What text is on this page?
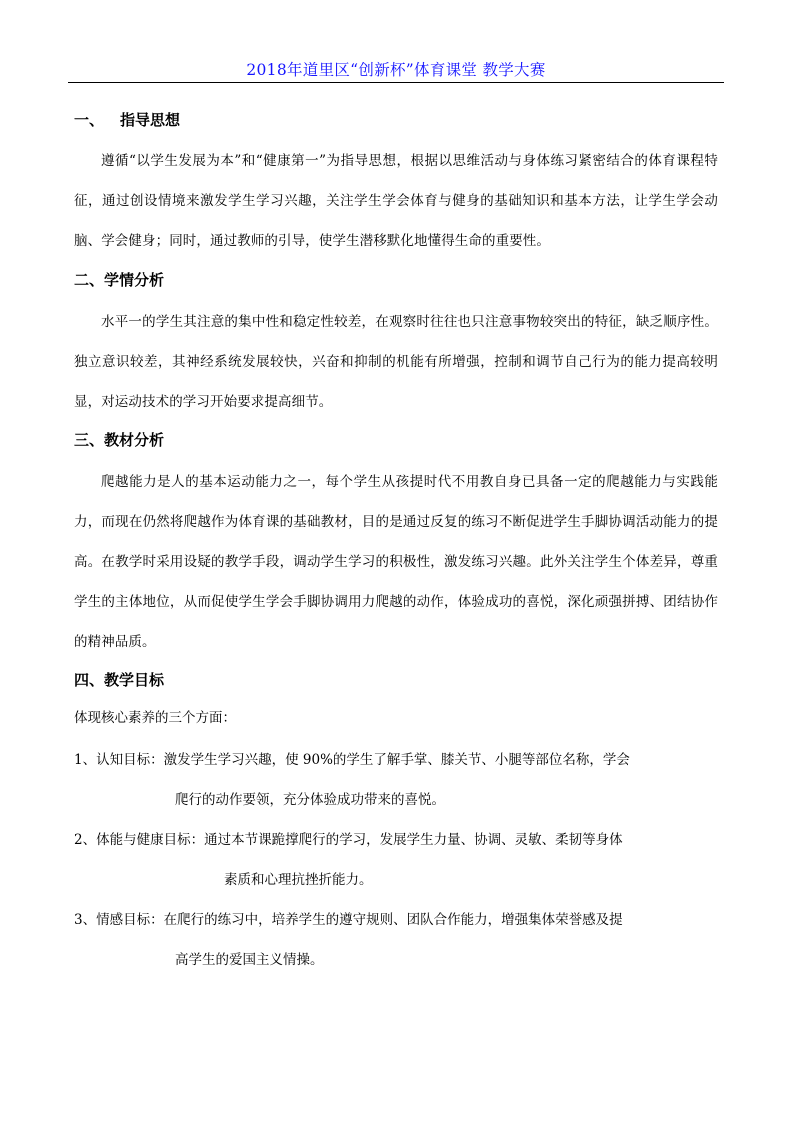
2018年道里区“创新杯”体育课堂 教学大赛
一、 指导思想
遵循“以学生发展为本”和“健康第一”为指导思想，根据以思维活动与身体练习紧密结合的体育课程特征，通过创设情境来激发学生学习兴趣，关注学生学会体育与健身的基础知识和基本方法，让学生学会动脑、学会健身；同时，通过教师的引导，使学生潜移默化地懂得生命的重要性。
二、学情分析
水平一的学生其注意的集中性和稳定性较差，在观察时往往也只注意事物较突出的特征，缺乏顺序性。独立意识较差，其神经系统发展较快，兴奋和抑制的机能有所增强，控制和调节自己行为的能力提高较明显，对运动技术的学习开始要求提高细节。
三、教材分析
爬越能力是人的基本运动能力之一，每个学生从孩提时代不用教自身已具备一定的爬越能力与实践能力，而现在仍然将爬越作为体育课的基础教材，目的是通过反复的练习不断促进学生手脚协调活动能力的提高。在教学时采用设疑的教学手段，调动学生学习的积极性，激发练习兴趣。此外关注学生个体差异，尊重学生的主体地位，从而促使学生学会手脚协调用力爬越的动作，体验成功的喜悦，深化顽强拼搏、团结协作的精神品质。
四、教学目标
体现核心素养的三个方面：
1、认知目标：激发学生学习兴趣，使 90%的学生了解手掌、膝关节、小腿等部位名称，学会
爬行的动作要领，充分体验成功带来的喜悦。
2、体能与健康目标：通过本节课跪撑爬行的学习，发展学生力量、协调、灵敏、柔韧等身体
素质和心理抗挫折能力。
3、情感目标：在爬行的练习中，培养学生的遵守规则、团队合作能力，增强集体荣誉感及提
高学生的爱国主义情操。
